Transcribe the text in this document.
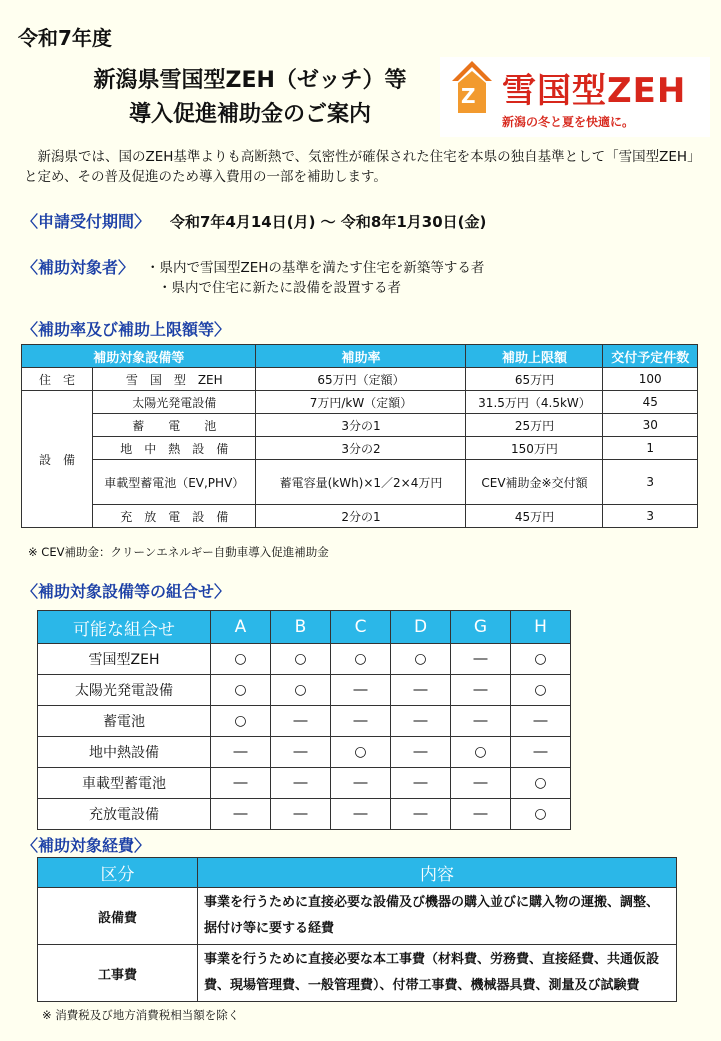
令和7年度
新潟県雪国型ZEH（ゼッチ）等
導入促進補助金のご案内
Z 雪国型ZEH
新潟の冬と夏を快適に。
新潟県では、国のZEH基準よりも高断熱で、気密性が確保された住宅を本県の独自基準として「雪国型ZEH」と定め、その普及促進のため導入費用の一部を補助します。
〈申請受付期間〉 令和7年4月14日(月) 〜 令和8年1月30日(金)
〈補助対象者〉 ・県内で雪国型ZEHの基準を満たす住宅を新築等する者
・県内で住宅に新たに設備を設置する者
〈補助率及び補助上限額等〉
補助対象設備等		補助率	補助上限額	交付予定件数
住　宅	雪　国　型　ZEH	65万円（定額）	65万円	100
設　備	太陽光発電設備	7万円/kW（定額）	31.5万円（4.5kW）	45
	蓄　　電　　池	3分の1	25万円	30
	地　中　熱　設　備	3分の2	150万円	1
	車載型蓄電池（EV,PHV）	蓄電容量(kWh)×1／2×4万円	CEV補助金※交付額	3
	充　放　電　設　備	2分の1	45万円	3
※ CEV補助金：クリーンエネルギー自動車導入促進補助金
〈補助対象設備等の組合せ〉
可能な組合せ	A	B	C	D	G	H
雪国型ZEH	○	○	○	○	―	○
太陽光発電設備	○	○	―	―	―	○
蓄電池	○	―	―	―	―	―
地中熱設備	―	―	○	―	○	―
車載型蓄電池	―	―	―	―	―	○
充放電設備	―	―	―	―	―	○
〈補助対象経費〉
区分	内容
設備費	事業を行うために直接必要な設備及び機器の購入並びに購入物の運搬、調整、据付け等に要する経費
工事費	事業を行うために直接必要な本工事費（材料費、労務費、直接経費、共通仮設費、現場管理費、一般管理費）、付帯工事費、機械器具費、測量及び試験費
※ 消費税及び地方消費税相当額を除く
